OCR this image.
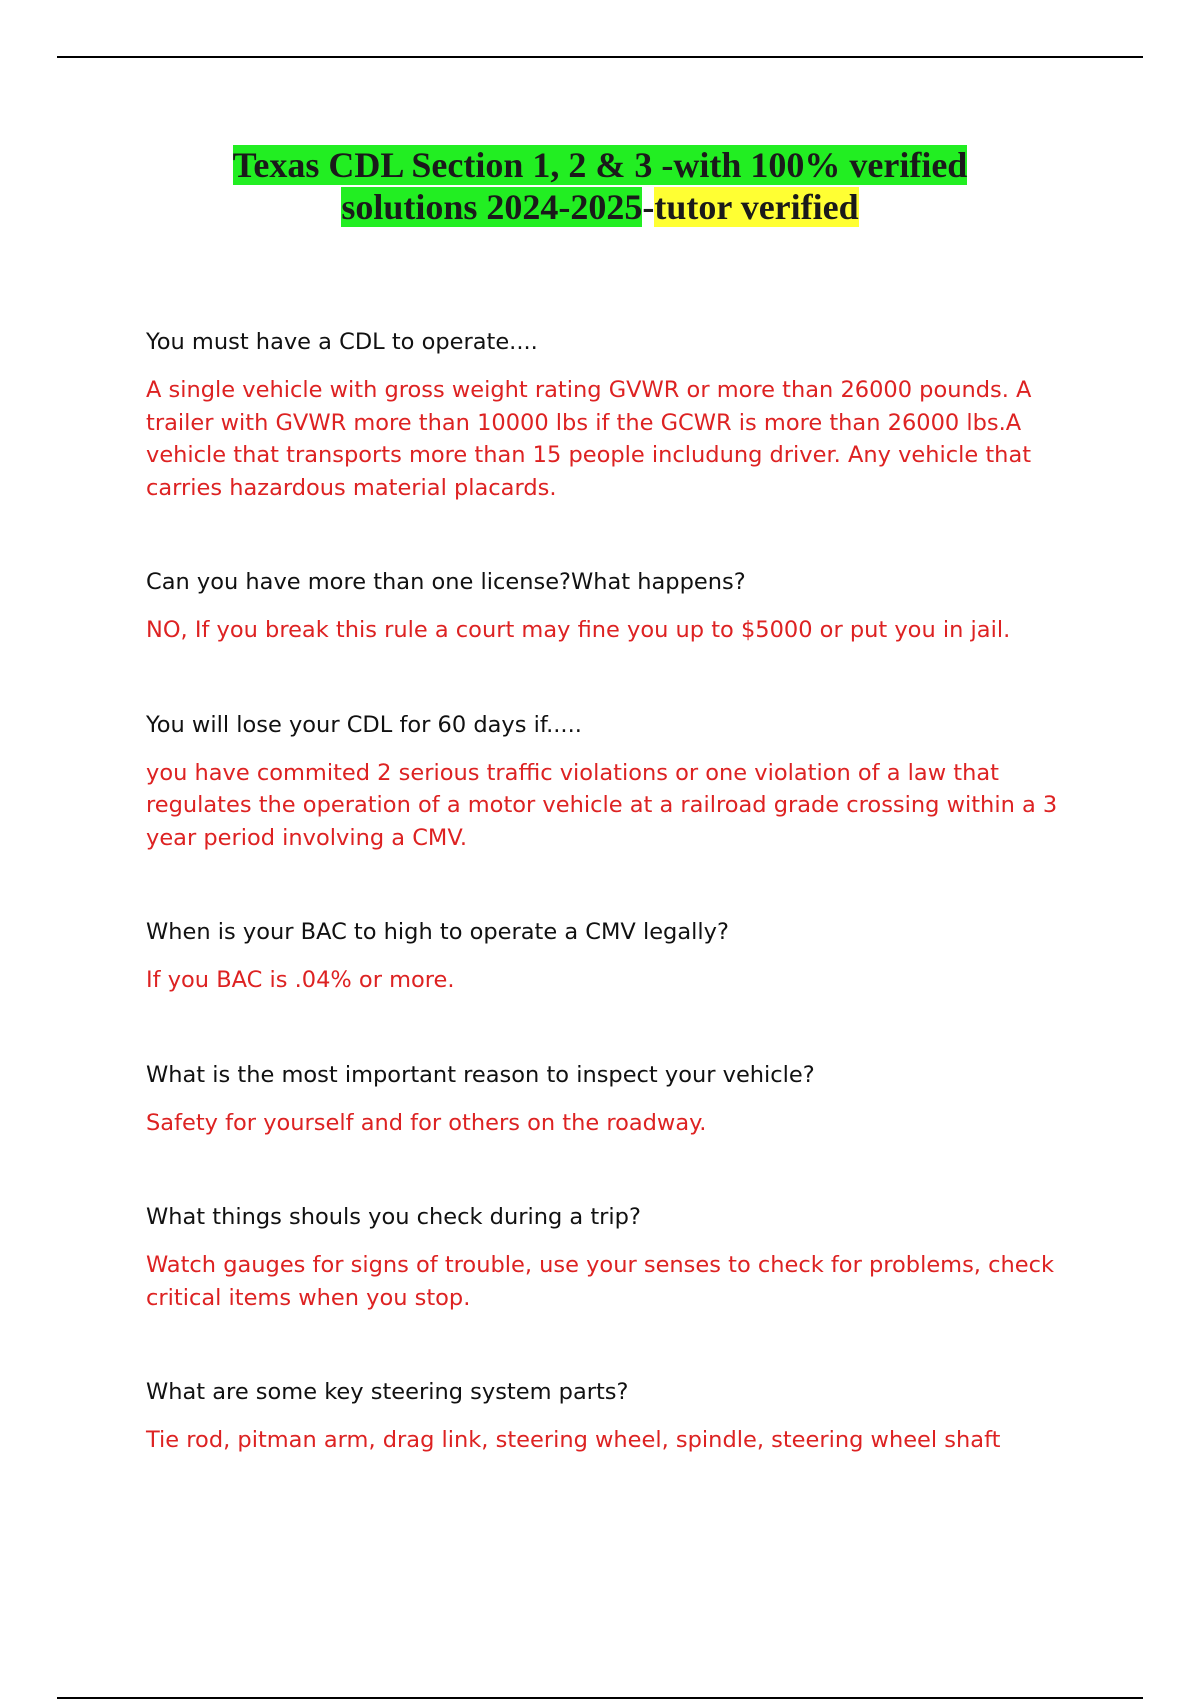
Texas CDL Section 1, 2 & 3 -with 100% verified
solutions 2024-2025-tutor verified

You must have a CDL to operate....

A single vehicle with gross weight rating GVWR or more than 26000 pounds. A trailer with GVWR more than 10000 lbs if the GCWR is more than 26000 lbs.A vehicle that transports more than 15 people includung driver. Any vehicle that carries hazardous material placards.

Can you have more than one license?What happens?

NO, If you break this rule a court may fine you up to $5000 or put you in jail.

You will lose your CDL for 60 days if.....

you have commited 2 serious traffic violations or one violation of a law that regulates the operation of a motor vehicle at a railroad grade crossing within a 3 year period involving a CMV.

When is your BAC to high to operate a CMV legally?

If you BAC is .04% or more.

What is the most important reason to inspect your vehicle?

Safety for yourself and for others on the roadway.

What things shouls you check during a trip?

Watch gauges for signs of trouble, use your senses to check for problems, check critical items when you stop.

What are some key steering system parts?

Tie rod, pitman arm, drag link, steering wheel, spindle, steering wheel shaft
